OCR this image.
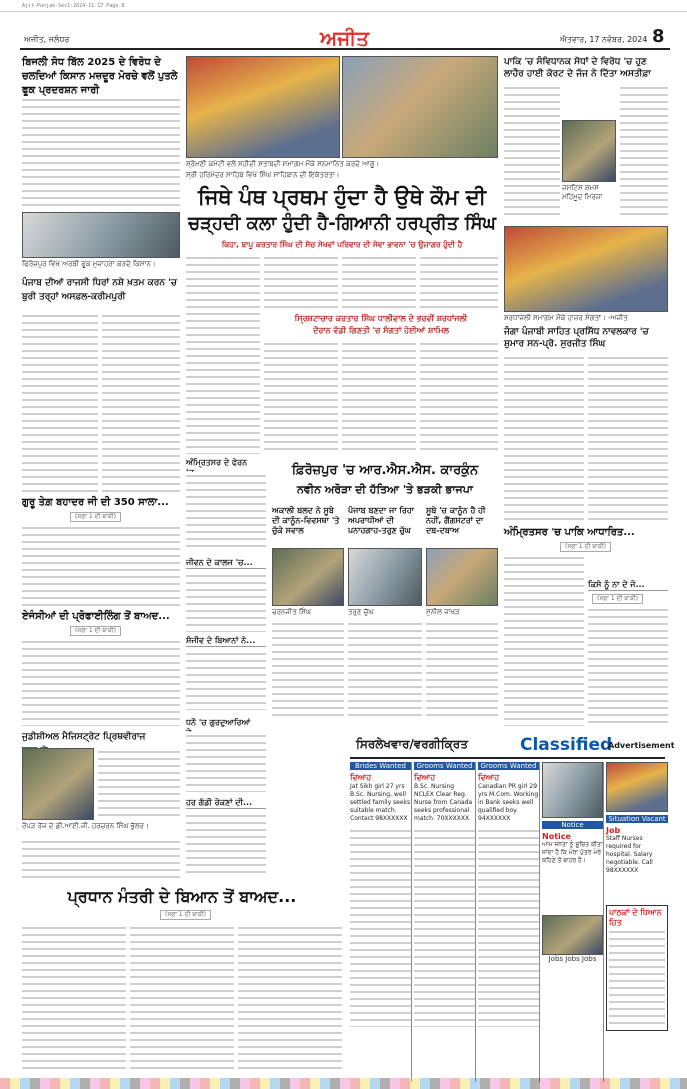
Ajit-Punjab-Sec1-2024-11-17 Page 8
ਅਜੀਤ, ਜਲੰਧਰ	ਅਜੀਤ	ਐਤਵਾਰ, 17 ਨਵੰਬਰ, 2024 8
ਬਿਜਲੀ ਸੋਧ ਬਿੱਲ 2025 ਦੇ ਵਿਰੋਧ ਦੇ ਚਲਦਿਆਂ ਕਿਸਾਨ ਮਜ਼ਦੂਰ ਮੋਰਚੇ ਵਲੋਂ ਪੁਤਲੇ ਫੂਕ ਪ੍ਰਦਰਸ਼ਨ ਜਾਰੀ
ਫਿਰੋਜ਼ਪੁਰ ਵਿਖੇ ਅਰਥੀ ਫੂਕ ਮੁਜ਼ਾਹਰਾ ਕਰਦੇ ਕਿਸਾਨ।
ਪੰਜਾਬ ਦੀਆਂ ਰਾਜਸੀ ਧਿਰਾਂ ਨਸ਼ੇ ਖ਼ਤਮ ਕਰਨ 'ਚ ਬੁਰੀ ਤਰ੍ਹਾਂ ਅਸਫ਼ਲ-ਕਰੀਮਪੁਰੀ
ਗੁਰੂ ਤੇਗ਼ ਬਹਾਦਰ ਜੀ ਦੀ 350 ਸਾਲਾ...
(ਸਫ਼ਾ 1 ਦੀ ਬਾਕੀ)
ਏਜੰਸੀਆਂ ਦੀ ਪ੍ਰੋਫਾਈਲਿੰਗ ਤੋਂ ਬਾਅਦ...
(ਸਫ਼ਾ 1 ਦੀ ਬਾਕੀ)
ਜੁਡੀਸ਼ੀਅਲ ਮੈਜਿਸਟ੍ਰੇਟ ਪ੍ਰਿਥਵੀਰਾਜ
ਰੋਪੜ ਰੇਂਜ ਦੇ ਡੀ.ਆਈ.ਜੀ. ਹਰਚਰਨ ਸਿੰਘ ਭੁੱਲਰ।
ਸ਼੍ਰੋਮਣੀ ਕਮੇਟੀ ਵਲੋਂ ਸ਼ਹੀਦੀ ਸ਼ਤਾਬਦੀ ਸਮਾਗਮ ਮੌਕੇ ਸਨਮਾਨਿਤ ਕਰਦੇ ਆਗੂ।
ਸ੍ਰੀ ਹਰਿਮੰਦਰ ਸਾਹਿਬ ਵਿਖੇ ਸਿੰਘ ਸਾਹਿਬਾਨ ਦੀ ਇਕੱਤਰਤਾ।
ਜਿਥੇ ਪੰਥ ਪ੍ਰਥਮ ਹੁੰਦਾ ਹੈ ਉਥੇ ਕੌਮ ਦੀ
ਚੜ੍ਹਦੀ ਕਲਾ ਹੁੰਦੀ ਹੈ-ਗਿਆਨੀ ਹਰਪ੍ਰੀਤ ਸਿੰਘ
ਕਿਹਾ, ਬਾਪੂ ਕਰਤਾਰ ਸਿੰਘ ਦੀ ਸੋਚ ਸੇਖਵਾਂ ਪਰਿਵਾਰ ਦੀ ਸੇਵਾ ਭਾਵਨਾ 'ਚ ਉਜਾਗਰ ਹੁੰਦੀ ਹੈ
ਸ੍ਰਿਸ਼ਟਾਚਾਰ ਕਰਤਾਰ ਸਿੰਘ ਧਾਲੀਵਾਲ ਦੇ ਭਰਵੀਂ ਸ਼ਰਧਾਂਜਲੀ
ਦੌਰਾਨ ਵੱਡੀ ਗਿਣਤੀ 'ਚ ਸੰਗਤਾਂ ਹੋਈਆਂ ਸ਼ਾਮਿਲ
ਅੰਮ੍ਰਿਤਸਰ ਦੇ ਫੇਰਨ
ਜੀਵਨ ਦੇ ਕਾਲਜ 'ਚ...
ਸੰਜੀਵ ਦੇ ਬਿਆਨਾਂ ਨੇ...
ਧਨੌ 'ਚ ਗੁਰਦੁਆਰਿਆਂ
ਹਰ ਗੱਡੀ ਰੋਕਣਾਂ ਦੀ...
ਫ਼ਿਰੋਜ਼ਪੁਰ 'ਚ ਆਰ.ਐਸ.ਐਸ. ਕਾਰਕੁੰਨ
ਨਵੀਨ ਅਰੋੜਾ ਦੀ ਹੱਤਿਆ 'ਤੇ ਭੜਕੀ ਭਾਜਪਾ
ਅਕਾਲੀ ਬਲਦ ਨੇ ਸੂਬੇ ਦੀ ਕਾਨੂੰਨ-ਵਿਵਸਥਾ 'ਤੇ ਚੁੱਕੇ ਸਵਾਲ
ਚਰਨਜੀਤ ਸਿੰਘ
ਪੰਜਾਬ ਬਣਦਾ ਜਾ ਰਿਹਾ ਅਪਰਾਧੀਆਂ ਦੀ ਪਨਾਹਗਾਹ-ਤਰੁਣ ਚੁੱਘ
ਤਰੁਣ ਚੁੱਘ
ਸੂਬੇ 'ਚ ਕਾਨੂੰਨ ਹੈ ਹੀ ਨਹੀਂ, ਗੈਂਗਸਟਰਾਂ ਦਾ ਦਬ-ਦਬਾਅ
ਸੁਨੀਲ ਜਾਖੜ
ਪ੍ਰਧਾਨ ਮੰਤਰੀ ਦੇ ਬਿਆਨ ਤੋਂ ਬਾਅਦ...
(ਸਫ਼ਾ 1 ਦੀ ਬਾਕੀ)
ਪਾਕਿ 'ਚ ਸੰਵਿਧਾਨਕ ਸੋਧਾਂ ਦੇ ਵਿਰੋਧ 'ਚ ਹੁਣ ਲਾਹੌਰ ਹਾਈ ਕੋਰਟ ਦੇ ਜੱਜ ਨੇ ਦਿੱਤਾ ਅਸਤੀਫ਼ਾ
ਜਸਟਿਸ ਸ਼ਮਸ ਮਹਿਮੂਦ ਮਿਰਜ਼ਾ
ਸ਼ਰਧਾਂਜਲੀ ਸਮਾਗਮ ਮੌਕੇ ਹਾਜ਼ਰ ਸੰਗਤਾਂ। -ਅਜੀਤ
ਜੰਗਾ ਪੰਜਾਬੀ ਸਾਹਿਤ ਪ੍ਰਸਿੱਧ ਨਾਵਲਕਾਰ 'ਚ ਸ਼ੁਮਾਰ ਸਨ-ਪ੍ਰੋ. ਸੁਰਜੀਤ ਸਿੰਘ
ਅੰਮ੍ਰਿਤਸਰ 'ਚ ਪਾਕਿ ਆਧਾਰਿਤ...
(ਸਫ਼ਾ 1 ਦੀ ਬਾਕੀ)
ਕਿਸੇ ਨੂੰ ਨਾ ਦੇ ਜੋ...
(ਸਫ਼ਾ 1 ਦੀ ਬਾਕੀ)
ਸਿਰਲੇਖਵਾਰ/ਵਰਗੀਕ੍ਰਿਤ	Classified
Advertisement
Brides Wanted
ਵਿਆਹ
Jat Sikh girl 27 yrs B.Sc. Nursing, well settled family seeks suitable match. Contact 98XXXXXX
Grooms Wanted
ਵਿਆਹ
B.Sc. Nursing NCLEX Clear Reg. Nurse from Canada seeks professional match. 70XXXXXX
Grooms Wanted
ਵਿਆਹ
Canadian PR girl 29 yrs M.Com. Working in Bank seeks well qualified boy. 94XXXXXX
Notice
Notice
ਆਮ ਜਨਤਾ ਨੂੰ ਸੂਚਿਤ ਕੀਤਾ ਜਾਂਦਾ ਹੈ ਕਿ ਮੇਰਾ ਪੁੱਤਰ ਮੇਰੇ ਕਹਿਣੇ ਤੋਂ ਬਾਹਰ ਹੈ।
Jobs Jobs Jobs
Situation Vacant
Job
Staff Nurses required for hospital. Salary negotiable. Call 98XXXXXX
ਪਾਠਕਾਂ ਦੇ ਧਿਆਨ ਹਿਤ
